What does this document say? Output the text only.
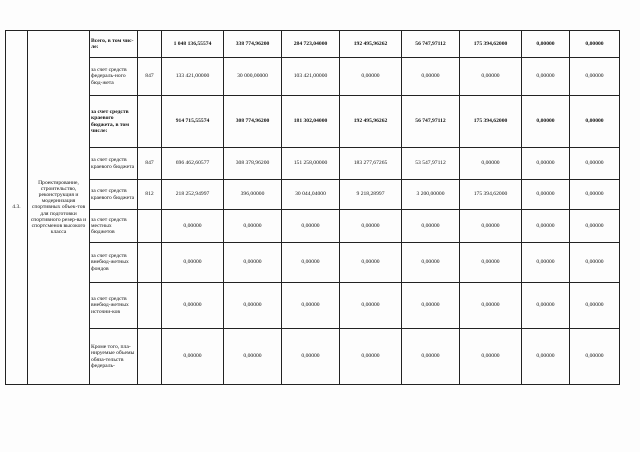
4.3.	Проектирование, строительство, реконструкция и модернизация спортивных объек-тов для подготовки спортивного резер-ва и спортсменов высокого класса	Всего, в том чис-ле:		1 048 136,55574	338 774,96200	284 723,04000	192 495,96262	56 747,97112	175 394,62000	0,00000	0,00000
		за счет средств федераль-ного бюд-жета	847	133 421,00000	30 000,00000	103 421,00000	0,00000	0,00000	0,00000	0,00000	0,00000
		за счет средств краевого бюджета, в том числе:		914 715,55574	308 774,96200	181 302,04000	192 495,96262	56 747,97112	175 394,62000	0,00000	0,00000
		за счет средств краевого бюджета	847	696 462,60577	308 378,96200	151 258,00000	183 277,67265	53 547,97112	0,00000	0,00000	0,00000
		за счет средств краевого бюджета	812	218 252,94997	396,00000	30 044,04000	9 218,28997	3 200,00000	175 394,62000	0,00000	0,00000
		за счет средств местных бюджетов		0,00000	0,00000	0,00000	0,00000	0,00000	0,00000	0,00000	0,00000
		за счет средств внебюд-жетных фондов		0,00000	0,00000	0,00000	0,00000	0,00000	0,00000	0,00000	0,00000
		за счет средств внебюд-жетных источни-ков		0,00000	0,00000	0,00000	0,00000	0,00000	0,00000	0,00000	0,00000
		Кроме того, пла-нируемые объемы обяза-тельств федераль-		0,00000	0,00000	0,00000	0,00000	0,00000	0,00000	0,00000	0,00000
